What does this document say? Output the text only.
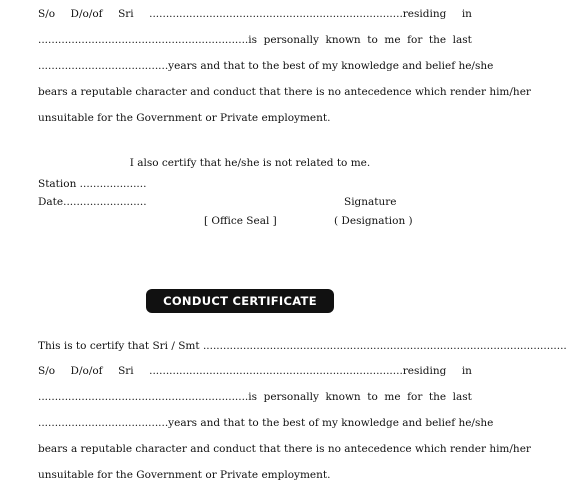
S/o D/o/of Sri ............................................................................residing in
...............................................................is personally known to me for the last
....................................... years and that to the best of my knowledge and belief he/she
bears a reputable character and conduct that there is no antecedence which render him/her
unsuitable for the Government or Private employment.
I also certify that he/she is not related to me.
Station ....................
Date.........................	Signature
[ Office Seal ]	( Designation )
CONDUCT CERTIFICATE
This is to certify that Sri / Smt .............................................................................................................
S/o D/o/of Sri ............................................................................residing in
...............................................................is personally known to me for the last
....................................... years and that to the best of my knowledge and belief he/she
bears a reputable character and conduct that there is no antecedence which render him/her
unsuitable for the Government or Private employment.
